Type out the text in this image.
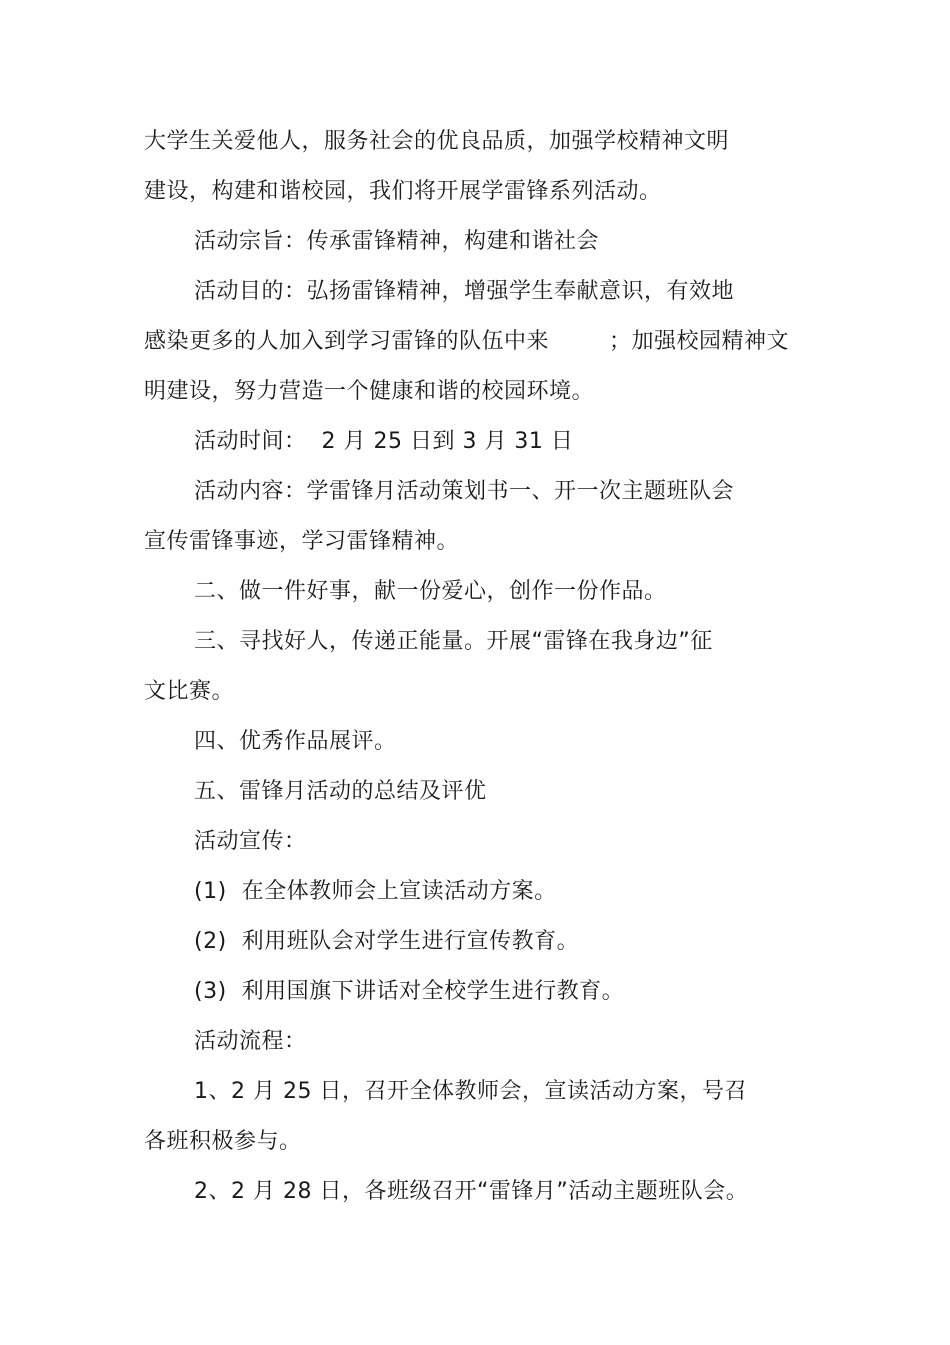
大学生关爱他人，服务社会的优良品质，加强学校精神文明
建设，构建和谐校园，我们将开展学雷锋系列活动。
活动宗旨：传承雷锋精神，构建和谐社会
活动目的：弘扬雷锋精神，增强学生奉献意识，有效地
感染更多的人加入到学习雷锋的队伍中来        ；加强校园精神文
明建设，努力营造一个健康和谐的校园环境。
活动时间：  2 月 25 日到 3 月 31 日
活动内容：学雷锋月活动策划书一、开一次主题班队会
宣传雷锋事迹，学习雷锋精神。
二、做一件好事，献一份爱心，创作一份作品。
三、寻找好人，传递正能量。开展“雷锋在我身边”征
文比赛。
四、优秀作品展评。
五、雷锋月活动的总结及评优
活动宣传：
(1)  在全体教师会上宣读活动方案。
(2)  利用班队会对学生进行宣传教育。
(3)  利用国旗下讲话对全校学生进行教育。
活动流程：
1、2 月 25 日，召开全体教师会，宣读活动方案，号召
各班积极参与。
2、2 月 28 日，各班级召开“雷锋月”活动主题班队会。
